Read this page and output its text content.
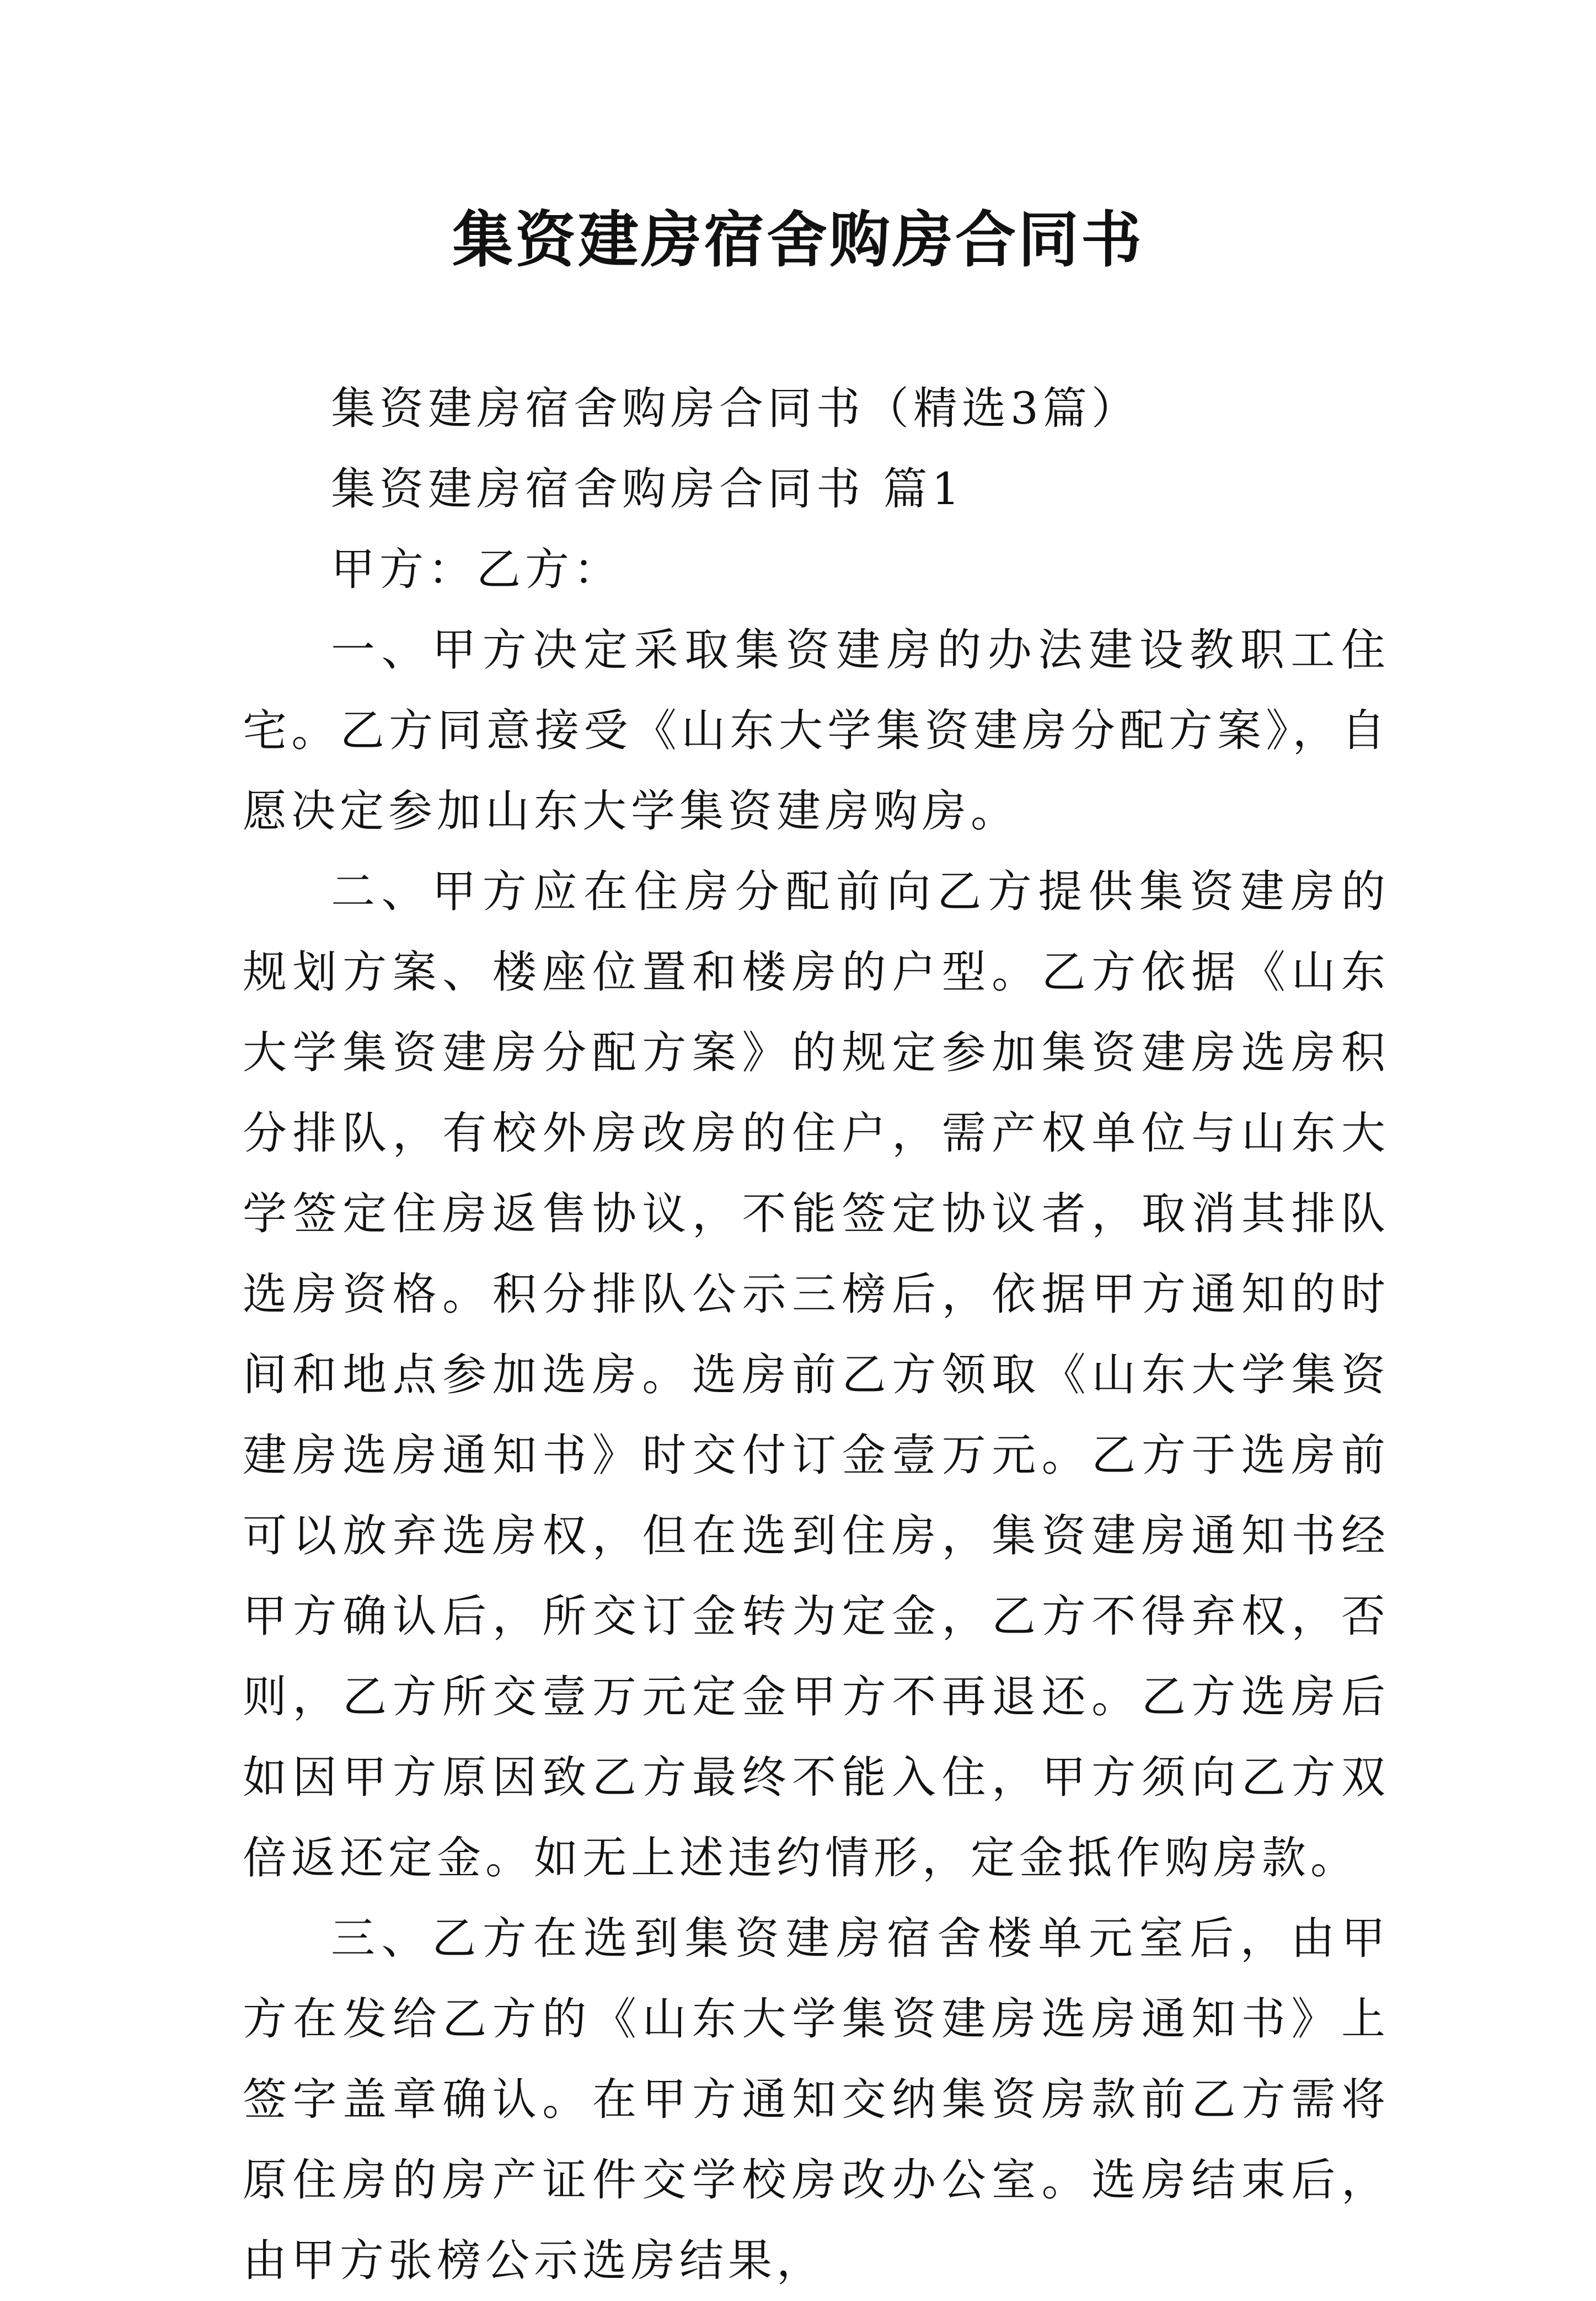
集资建房宿舍购房合同书

集资建房宿舍购房合同书（精选3篇）

集资建房宿舍购房合同书 篇1

甲方：乙方：

一、甲方决定采取集资建房的办法建设教职工住宅。乙方同意接受《山东大学集资建房分配方案》，自愿决定参加山东大学集资建房购房。

二、甲方应在住房分配前向乙方提供集资建房的规划方案、楼座位置和楼房的户型。乙方依据《山东大学集资建房分配方案》的规定参加集资建房选房积分排队，有校外房改房的住户，需产权单位与山东大学签定住房返售协议，不能签定协议者，取消其排队选房资格。积分排队公示三榜后，依据甲方通知的时间和地点参加选房。选房前乙方领取《山东大学集资建房选房通知书》时交付订金壹万元。乙方于选房前可以放弃选房权，但在选到住房，集资建房通知书经甲方确认后，所交订金转为定金，乙方不得弃权，否则，乙方所交壹万元定金甲方不再退还。乙方选房后如因甲方原因致乙方最终不能入住，甲方须向乙方双倍返还定金。如无上述违约情形，定金抵作购房款。

三、乙方在选到集资建房宿舍楼单元室后，由甲方在发给乙方的《山东大学集资建房选房通知书》上签字盖章确认。在甲方通知交纳集资房款前乙方需将原住房的房产证件交学校房改办公室。选房结束后，由甲方张榜公示选房结果，
